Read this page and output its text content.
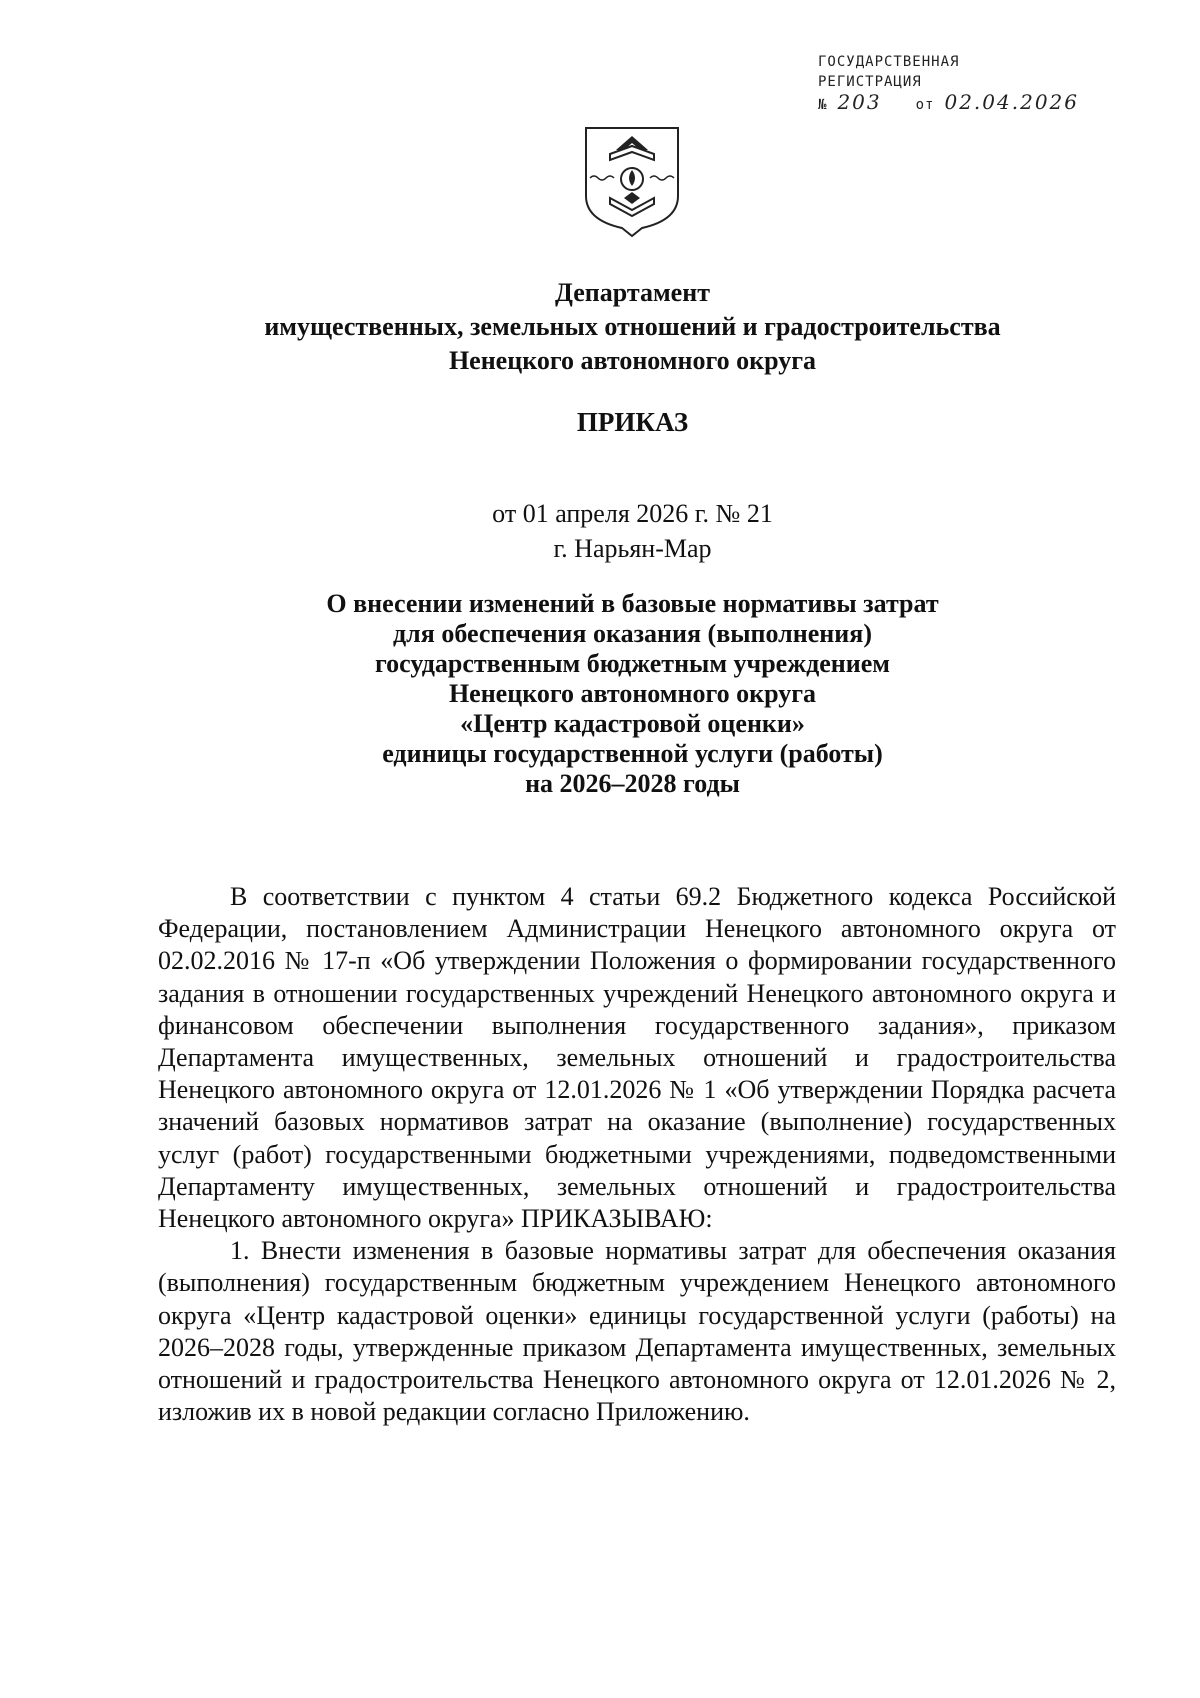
ГОСУДАРСТВЕННАЯ
РЕГИСТРАЦИЯ
№ 203 от 02.04.2026
Департамент
имущественных, земельных отношений и градостроительства
Ненецкого автономного округа
ПРИКАЗ
от 01 апреля 2026 г. № 21
г. Нарьян-Мар
О внесении изменений в базовые нормативы затрат
для обеспечения оказания (выполнения)
государственным бюджетным учреждением
Ненецкого автономного округа
«Центр кадастровой оценки»
единицы государственной услуги (работы)
на 2026–2028 годы

В соответствии с пунктом 4 статьи 69.2 Бюджетного кодекса Российской Федерации, постановлением Администрации Ненецкого автономного округа от 02.02.2016 № 17-п «Об утверждении Положения о формировании государственного задания в отношении государственных учреждений Ненецкого автономного округа и финансовом обеспечении выполнения государственного задания», приказом Департамента имущественных, земельных отношений и градостроительства Ненецкого автономного округа от 12.01.2026 № 1 «Об утверждении Порядка расчета значений базовых нормативов затрат на оказание (выполнение) государственных услуг (работ) государственными бюджетными учреждениями, подведомственными Департаменту имущественных, земельных отношений и градостроительства Ненецкого автономного округа» ПРИКАЗЫВАЮ:

1. Внести изменения в базовые нормативы затрат для обеспечения оказания (выполнения) государственным бюджетным учреждением Ненецкого автономного округа «Центр кадастровой оценки» единицы государственной услуги (работы) на 2026–2028 годы, утвержденные приказом Департамента имущественных, земельных отношений и градостроительства Ненецкого автономного округа от 12.01.2026 № 2, изложив их в новой редакции согласно Приложению.
